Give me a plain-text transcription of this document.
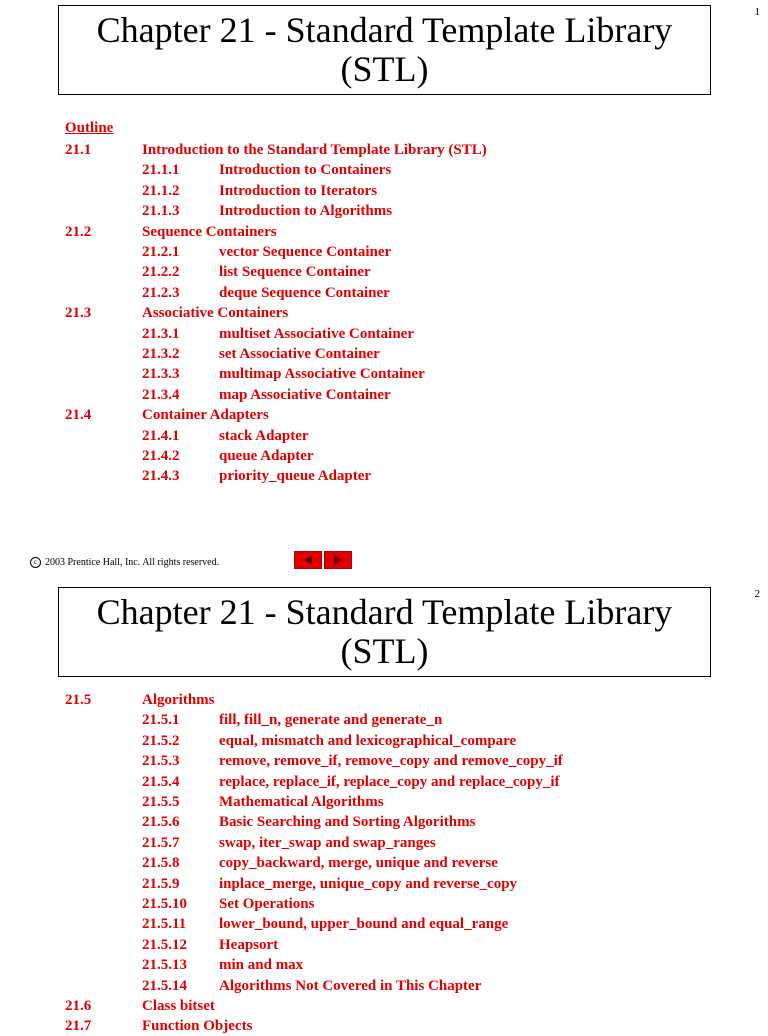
1
Chapter 21 - Standard Template Library
(STL)
Outline
21.1	Introduction to the Standard Template Library (STL)
21.1.1	Introduction to Containers
21.1.2	Introduction to Iterators
21.1.3	Introduction to Algorithms
21.2	Sequence Containers
21.2.1	vector Sequence Container
21.2.2	list Sequence Container
21.2.3	deque Sequence Container
21.3	Associative Containers
21.3.1	multiset Associative Container
21.3.2	set Associative Container
21.3.3	multimap Associative Container
21.3.4	map Associative Container
21.4	Container Adapters
21.4.1	stack Adapter
21.4.2	queue Adapter
21.4.3	priority_queue Adapter
c 2003 Prentice Hall, Inc. All rights reserved.
2
Chapter 21 - Standard Template Library
(STL)
21.5	Algorithms
21.5.1	fill, fill_n, generate and generate_n
21.5.2	equal, mismatch and lexicographical_compare
21.5.3	remove, remove_if, remove_copy and remove_copy_if
21.5.4	replace, replace_if, replace_copy and replace_copy_if
21.5.5	Mathematical Algorithms
21.5.6	Basic Searching and Sorting Algorithms
21.5.7	swap, iter_swap and swap_ranges
21.5.8	copy_backward, merge, unique and reverse
21.5.9	inplace_merge, unique_copy and reverse_copy
21.5.10 Set Operations
21.5.11 lower_bound, upper_bound and equal_range
21.5.12 Heapsort
21.5.13 min and max
21.5.14 Algorithms Not Covered in This Chapter
21.6	Class bitset
21.7	Function Objects
